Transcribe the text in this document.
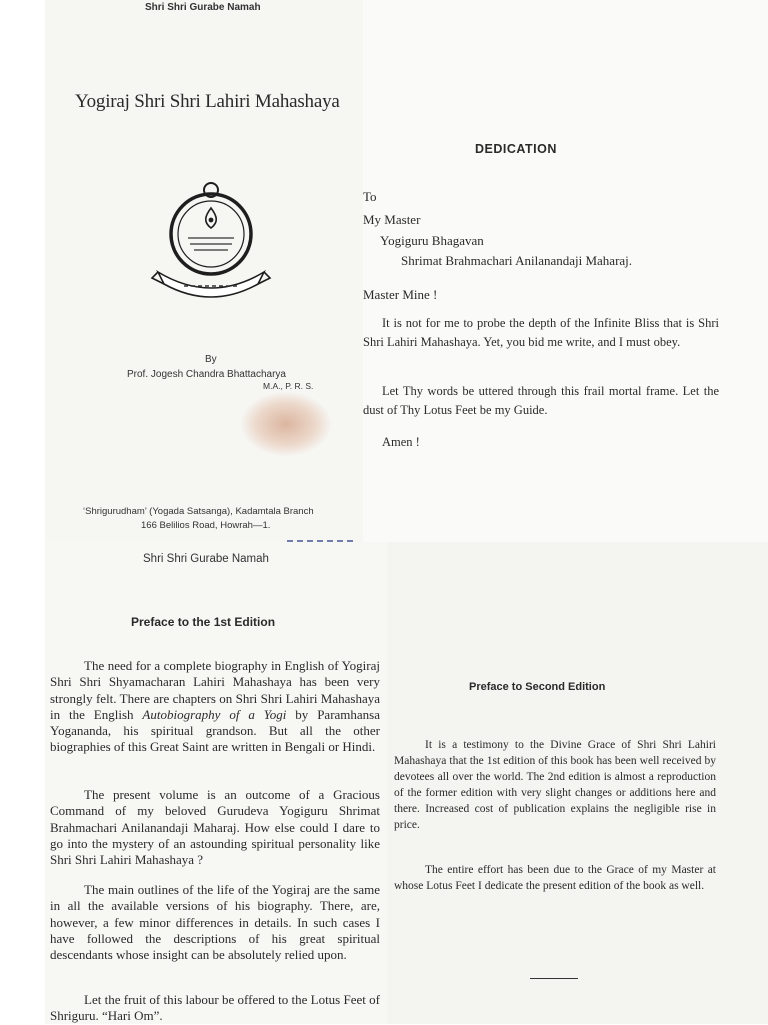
Shri Shri Gurabe Namah
Yogiraj Shri Shri Lahiri Mahashaya
By
Prof. Jogesh Chandra Bhattacharya
M.A., P. R. S.
‘Shrigurudham’ (Yogada Satsanga), Kadamtala Branch
166 Belilios Road, Howrah—1.
DEDICATION
To
My Master
Yogiguru Bhagavan
Shrimat Brahmachari Anilanandaji Maharaj.
Master Mine !

It is not for me to probe the depth of the Infinite Bliss that is Shri Shri Lahiri Mahashaya. Yet, you bid me write, and I must obey.

Let Thy words be uttered through this frail mortal frame. Let the dust of Thy Lotus Feet be my Guide.

Amen !
Shri Shri Gurabe Namah
Preface to the 1st Edition

The need for a complete biography in English of Yogiraj Shri Shri Shyamacharan Lahiri Mahashaya has been very strongly felt. There are chapters on Shri Shri Lahiri Mahashaya in the English Autobiography of a Yogi by Paramhansa Yogananda, his spiritual grandson. But all the other biographies of this Great Saint are written in Bengali or Hindi.

The present volume is an outcome of a Gracious Command of my beloved Gurudeva Yogiguru Shrimat Brahmachari Anilanandaji Maharaj. How else could I dare to go into the mystery of an astounding spiritual personality like Shri Shri Lahiri Mahashaya ?

The main outlines of the life of the Yogiraj are the same in all the available versions of his biography. There, are, however, a few minor differences in details. In such cases I have followed the descriptions of his great spiritual descendants whose insight can be absolutely relied upon.

Let the fruit of this labour be offered to the Lotus Feet of Shriguru. “Hari Om”.

Preface to Second Edition

It is a testimony to the Divine Grace of Shri Shri Lahiri Mahashaya that the 1st edition of this book has been well received by devotees all over the world. The 2nd edition is almost a reproduction of the former edition with very slight changes or additions here and there. Increased cost of publication explains the negligible rise in price.

The entire effort has been due to the Grace of my Master at whose Lotus Feet I dedicate the present edition of the book as well.
